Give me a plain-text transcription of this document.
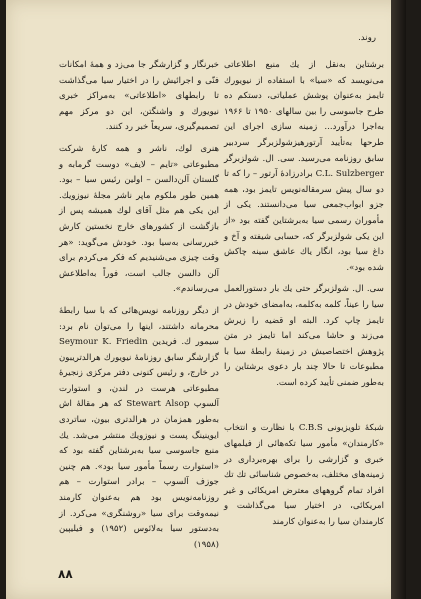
روند.

برشتاین به‌نقل از یك منبع اطلاعاتی می‌نویسد که «سیا» با استفاده از نیویورك تایمز به‌عنوان پوشش عملیاتی، دستکم ده طرح جاسوسی را بین سالهای ۱۹۵۰ تا ۱۹۶۶ به‌اجرا درآورد... زمینه سازی اجرای این طرحها به‌تأیید آرتورهیزشولزبرگر سردبیر سابق روزنامه می‌رسید. سی. ال. شولزبرگر C.L. Sulzberger برادرزادهٔ آرتور – را که تا دو سال پیش سرمقاله‌نویس تایمز بود، همه جزو ابواب‌جمعی سیا می‌دانستند. یکی از مأموران رسمی سیا به‌برشتاین گفته بود «از این یکی شولزبرگر که، حسابی شیفته و آخ و داغ سیا بود، انگار یاك عاشق سینه چاکش شده بود».

سی. ال. شولزبرگر حتی یك بار دستورالعمل سیا را عیناً، کلمه به‌کلمه، به‌امضای خودش در تایمز چاپ کرد. البته او قضیه را زیرش می‌زند و حاشا می‌کند اما تایمز در متن پژوهش اختصاصیش در زمینهٔ رابطهٔ سیا با مطبوعات تا حالا چند بار دعوی برشتاین را به‌طور ضمنی تأیید کرده است.

شبکهٔ تلویزیونی C.B.S با نظارت و انتخاب «کارمندان» مأمور سیا تکه‌هائی از فیلمهای خبری و گزارشی را برای بهره‌برداری در زمینه‌های مختلف، به‌خصوص شناسائی تك تك افراد تمام گروههای معترض امریکائی و غیر امریکائی، در اختیار سیا می‌گذاشت و کارمندان سیا را به‌عنوان کارمند

خبرنگار و گزارشگر جا می‌زد و همهٔ امکانات فنّی و اجرائیش را در اختیار سیا می‌گذاشت تا رابطهای «اطلاعاتی» به‌مراکز خبری نیویورك و واشنگتن، این دو مرکز مهم تصمیم‌گیری، سریعاً خبر رد کنند.

هنری لوك، ناشر و همه کارهٔ شرکت مطبوعاتی «تایم – لایف» دوست گرمابه و گلستان آلن‌دالسن – اولین رئیس سیا – بود. همین طور ملکوم ماپر ناشر مجلهٔ نیوزویك. این یکی هم مثل آقای لوك همیشه پس از بازگشت از کشورهای خارج نخستین کارش خبررسانی به‌سیا بود. خودش می‌گوید: «هر وقت چیزی می‌شنیدیم که فکر می‌کردم برای آلن دالسن جالب است، فوراً به‌اطلاعش می‌رساندم».

از دیگر روزنامه نویس‌هائی که با سیا رابطهٔ محرمانه داشتند، اینها را می‌توان نام برد: سیمور ك. فریدین Seymour K. Friedin گزارشگر سابق روزنامهٔ نیویورك هرالدتریبون در خارج، و رئیس کنونی دفتر مرکزی زنجیرهٔ مطبوعاتی هرست در لندن، و استوارت آلسوپ Stewart Alsop که هر مقالهٔ اش به‌طور همزمان در هرالدتری بیون، ساتردی ایوینینگ پست و نیوزویك منتشر می‌شد. یك منبع جاسوسی سیا به‌برشتاین گفته بود که «استوارت رسماً مأمور سیا بود». هم چنین جوزف آلسوپ – برادر استوارت – هم روزنامه‌نویس بود هم به‌عنوان کارمند نیمه‌وقت برای سیا «روشنگری» می‌کرد. از به‌دستور سیا به‌لائوس (۱۹۵۲) و فیلیپین (۱۹۵۸)

۸۸
